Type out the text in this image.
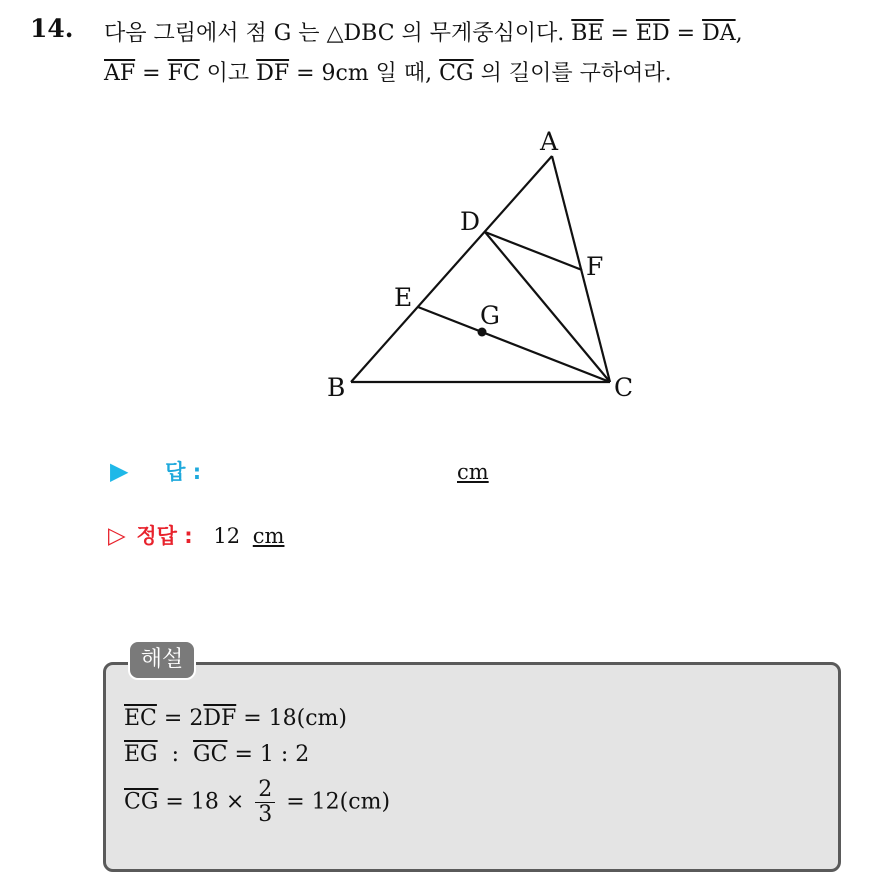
14. 다음 그림에서 점 G 는 △DBC 의 무게중심이다. $\overline{BE} = \overline{ED} = \overline{DA}$,
$\overline{AF} = \overline{FC}$ 이고 $\overline{DF} = 9cm$ 일 때, $\overline{CG}$ 의 길이를 구하여라.
A
B	C
D
E
F
G
▶ 답 :	cm
▷ 정답 : 12 cm
해설
$\overline{EC} = 2\overline{DF} = 18(cm)$
$\overline{EG}$  :  $\overline{GC} = 1$ : 2
$\overline{CG} = 18 \times \frac{2}{3} = 12(cm)$
